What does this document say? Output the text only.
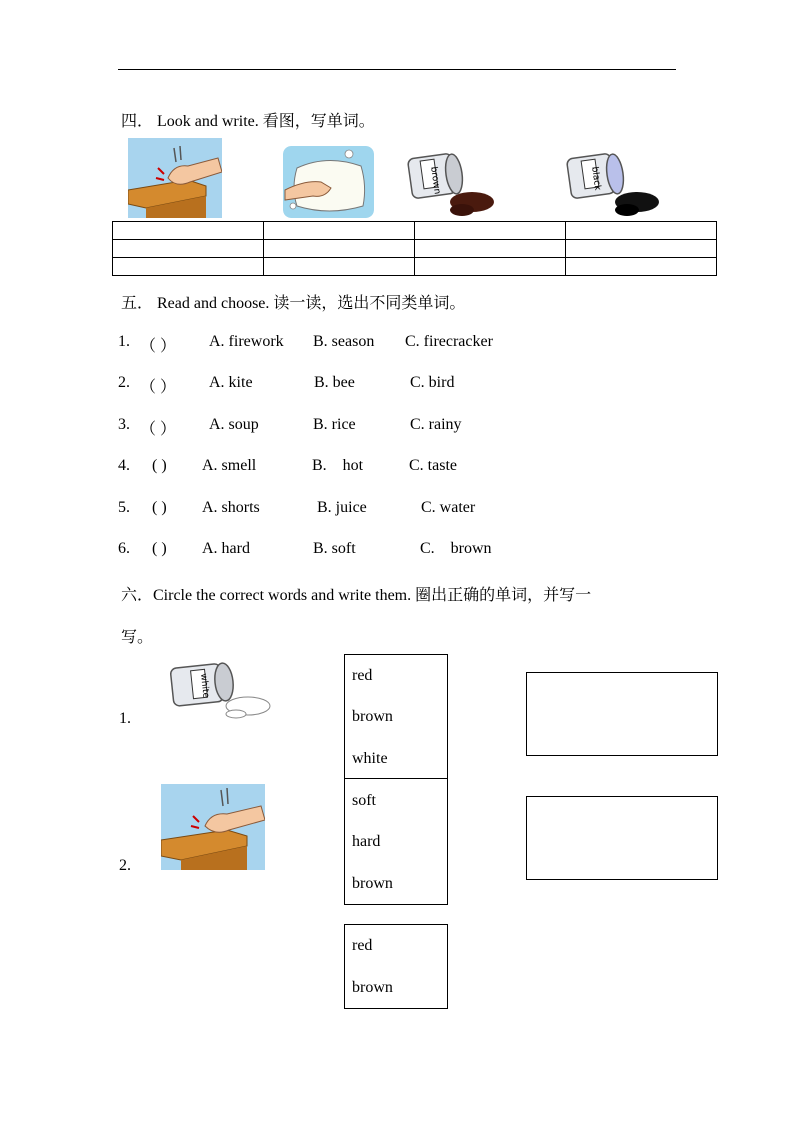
四． Look and write. 看图，写单词。
brown	black

五． Read and choose. 读一读，选出不同类单词。
1. （ ） A. firework B. season C. firecracker
2. （ ） A. kite	B. bee	C. bird
3. （ ） A. soup	B. rice	C. rainy
4. ( ) A. smell	B.    hot	C. taste
5. ( ) A. shorts	B. juice	C. water
6. ( ) A. hard	B. soft	C.    brown
六．Circle the correct words and write them. 圈出正确的单词，并写一
写。
1.
2.
white	red
brown
white
soft
hard
brown
red
brown
